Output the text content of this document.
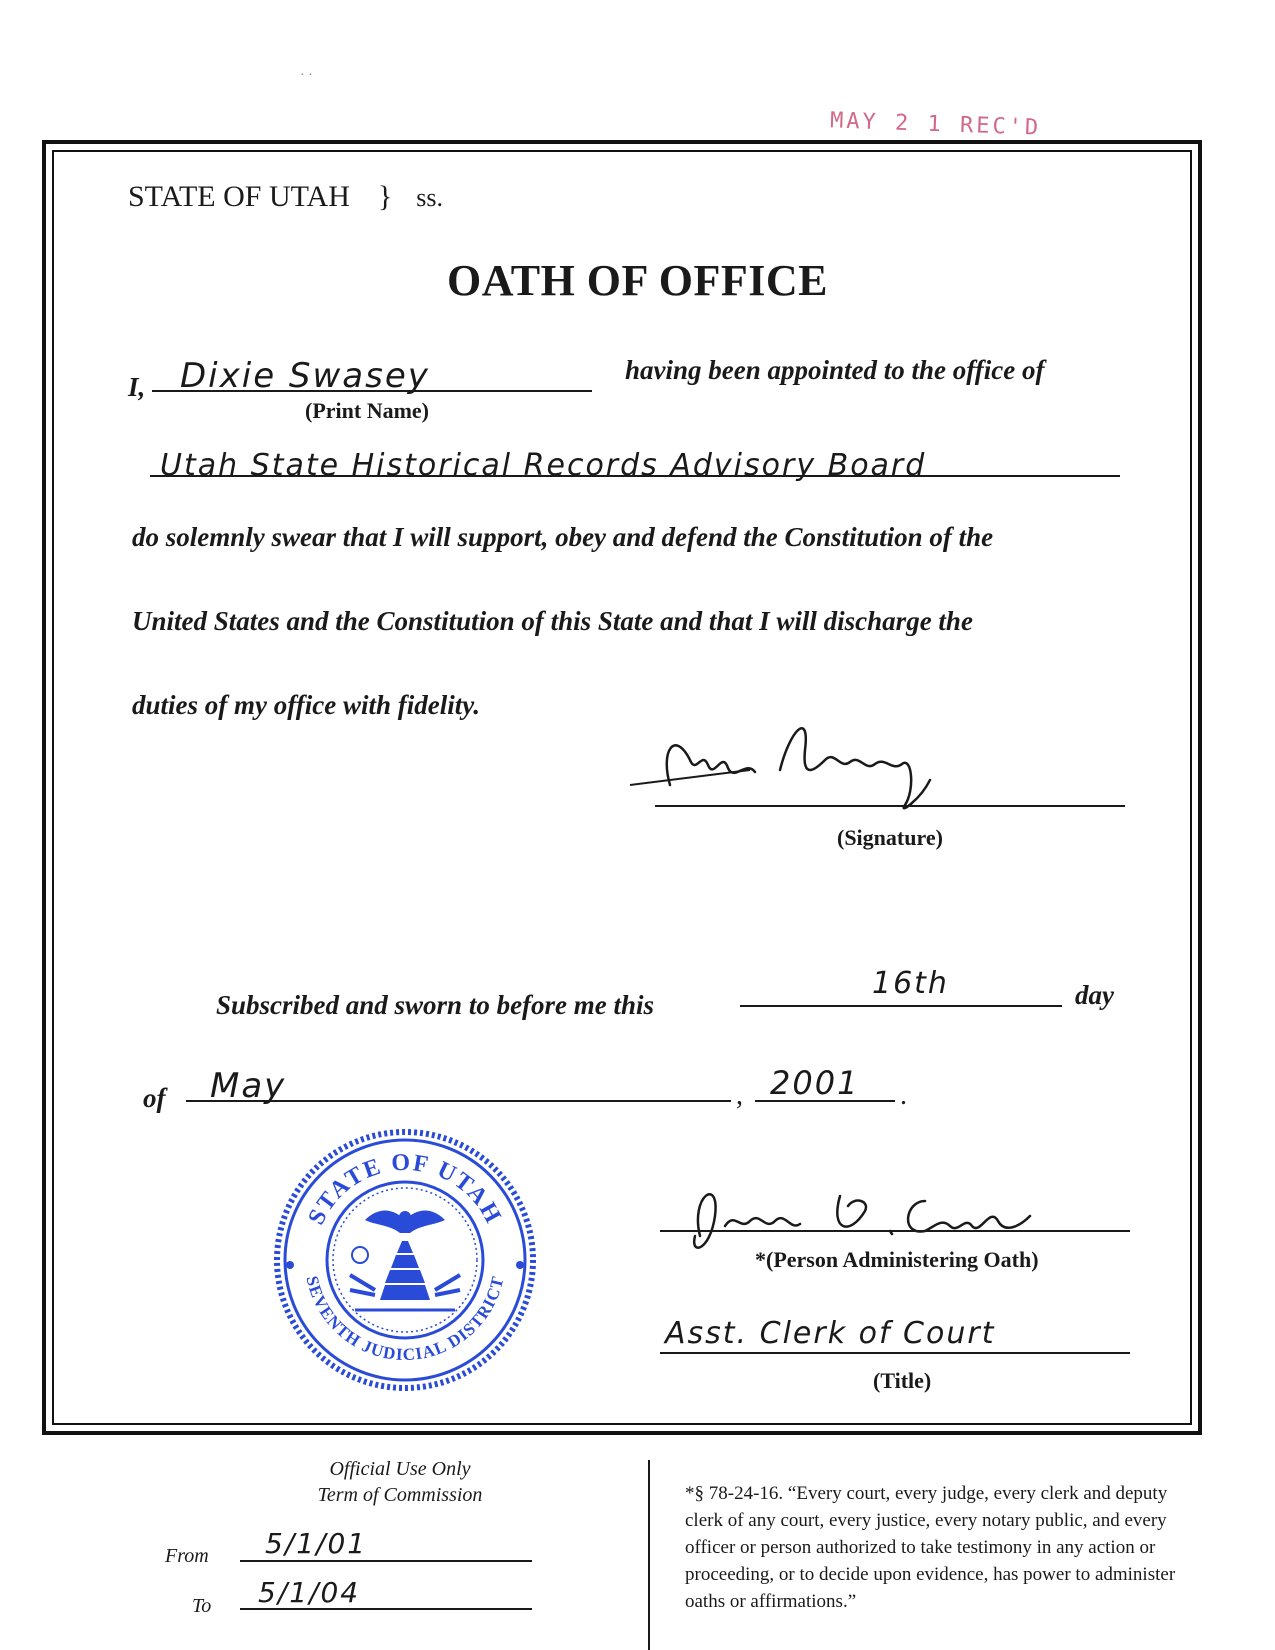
· ·
MAY 2 1 REC'D
STATE OF UTAH } ss.
OATH OF OFFICE
I, Dixie Swasey
(Print Name)
having been appointed to the office of
Utah State Historical Records Advisory Board
do solemnly swear that I will support, obey and defend the Constitution of the
United States and the Constitution of this State and that I will discharge the
duties of my office with fidelity.
(Signature)
Subscribed and sworn to before me this
16th	day
of May	, 2001 .
STATE OF UTAH
SEVENTH JUDICIAL DISTRICT
*(Person Administering Oath)
Asst. Clerk of Court
(Title)
Official Use Only
Term of Commission
From 5/1/01
To 5/1/04
*§ 78-24-16. “Every court, every judge, every clerk and deputy clerk of any court, every justice, every notary public, and every officer or person authorized to take testimony in any action or proceeding, or to decide upon evidence, has power to administer oaths or affirmations.”
